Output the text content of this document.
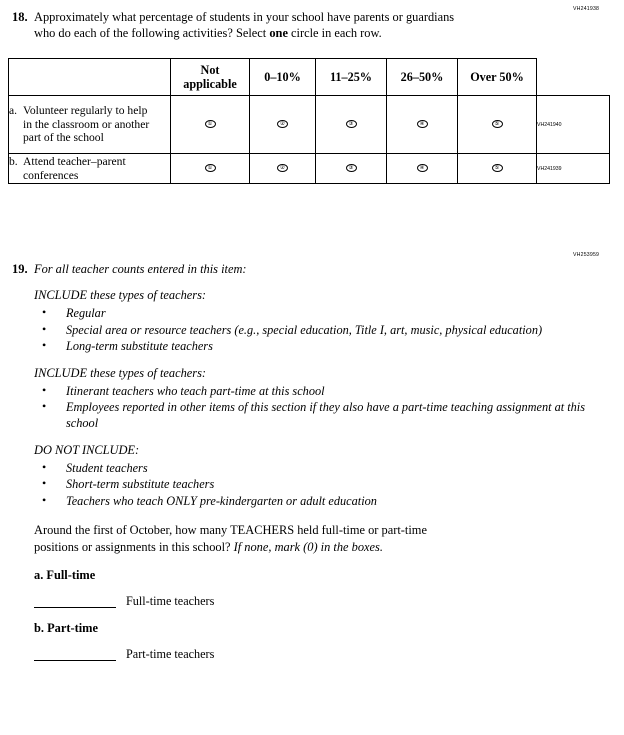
VH241938
18. Approximately what percentage of students in your school have parents or guardians
who do each of the following activities? Select one circle in each row.
	Not
applicable	0–10%	11–25%	26–50%	Over 50%	
a. Volunteer regularly to help in the classroom or another part of the school	①	②	③	④	⑤	VH241940
b. Attend teacher–parent conferences	①	②	③	④	⑤	VH241939
VH253959
19. For all teacher counts entered in this item:
INCLUDE these types of teachers:
• Regular
• Special area or resource teachers (e.g., special education, Title I, art, music, physical education)
• Long-term substitute teachers
INCLUDE these types of teachers:
• Itinerant teachers who teach part-time at this school
• Employees reported in other items of this section if they also have a part-time teaching assignment at this school
DO NOT INCLUDE:
• Student teachers
• Short-term substitute teachers
• Teachers who teach ONLY pre-kindergarten or adult education
Around the first of October, how many TEACHERS held full-time or part-time
positions or assignments in this school? If none, mark (0) in the boxes.
a. Full-time
Full-time teachers
b. Part-time
Part-time teachers
